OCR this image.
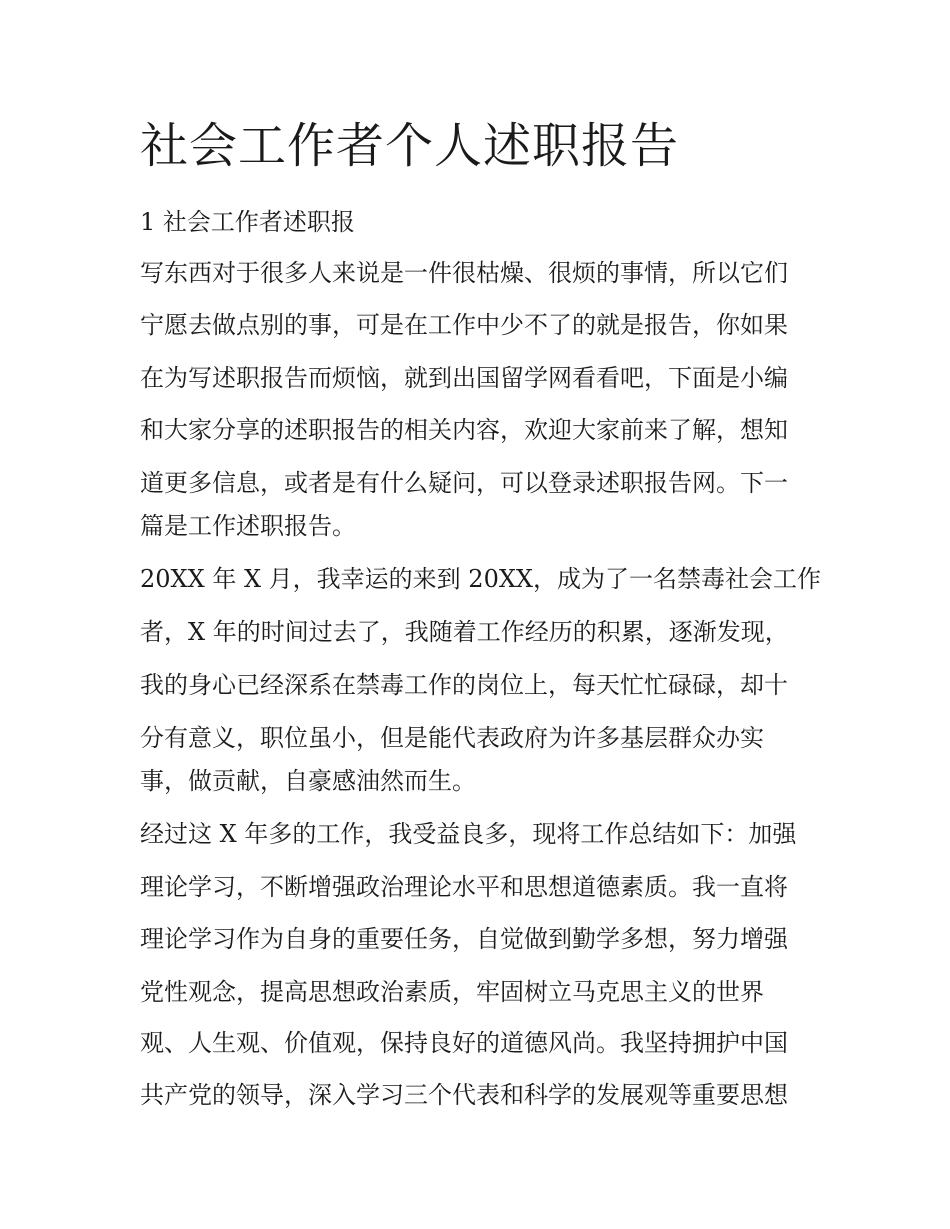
社会工作者个人述职报告

1 社会工作者述职报

写东西对于很多人来说是一件很枯燥、很烦的事情，所以它们

宁愿去做点别的事，可是在工作中少不了的就是报告，你如果

在为写述职报告而烦恼，就到出国留学网看看吧，下面是小编

和大家分享的述职报告的相关内容，欢迎大家前来了解，想知

道更多信息，或者是有什么疑问，可以登录述职报告网。下一

篇是工作述职报告。

20XX 年 X 月，我幸运的来到 20XX，成为了一名禁毒社会工作

者，X 年的时间过去了，我随着工作经历的积累，逐渐发现，

我的身心已经深系在禁毒工作的岗位上，每天忙忙碌碌，却十

分有意义，职位虽小，但是能代表政府为许多基层群众办实

事，做贡献，自豪感油然而生。

经过这 X 年多的工作，我受益良多，现将工作总结如下：加强

理论学习，不断增强政治理论水平和思想道德素质。我一直将

理论学习作为自身的重要任务，自觉做到勤学多想，努力增强

党性观念，提高思想政治素质，牢固树立马克思主义的世界

观、人生观、价值观，保持良好的道德风尚。我坚持拥护中国

共产党的领导，深入学习三个代表和科学的发展观等重要思想
